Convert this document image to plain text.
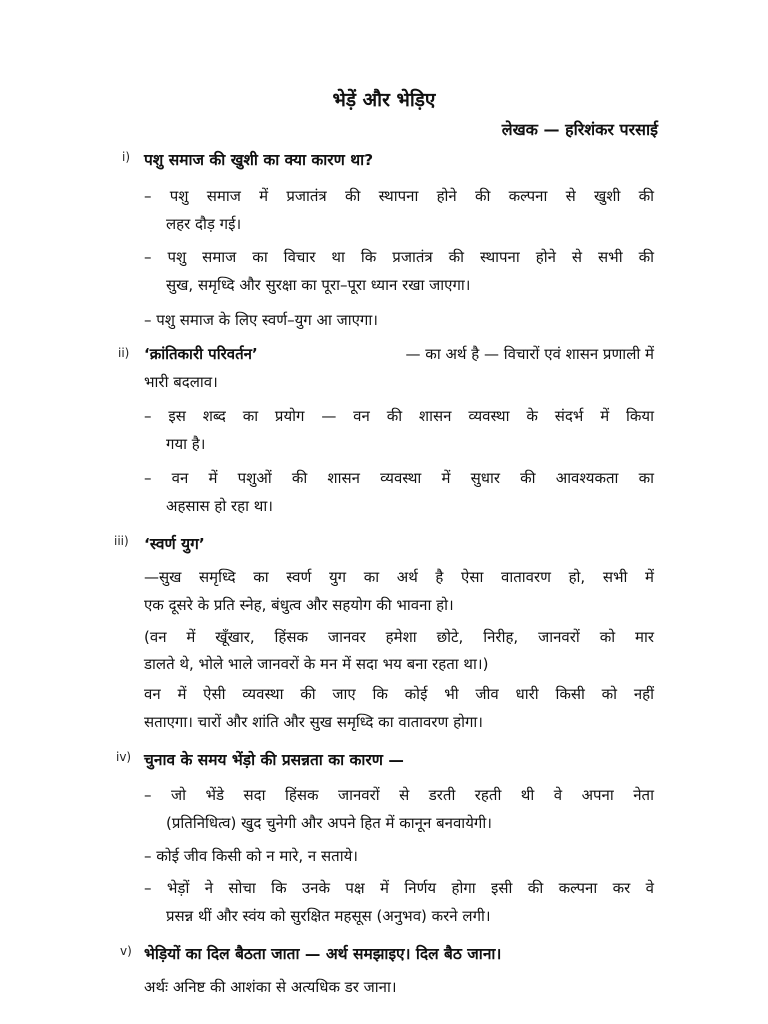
भेड़ें और भेड़िए
लेखक — हरिशंकर परसाई
i) पशु समाज की खुशी का क्या कारण था?
– पशु समाज में प्रजातंत्र की स्थापना होने की कल्पना से खुशी की
लहर दौड़ गई।
– पशु समाज का विचार था कि प्रजातंत्र की स्थापना होने से सभी की
सुख, समृध्दि और सुरक्षा का पूरा–पूरा ध्यान रखा जाएगा।
– पशु समाज के लिए स्वर्ण–युग आ जाएगा।
ii) ‘क्रांतिकारी परिवर्तन’	— का अर्थ है — विचारों एवं शासन प्रणाली में
भारी बदलाव।
– इस शब्द का प्रयोग — वन की शासन व्यवस्था के संदर्भ में किया
गया है।
– वन में पशुओं की शासन व्यवस्था में सुधार की आवश्यकता का
अहसास हो रहा था।
iii) ‘स्वर्ण युग’
—सुख समृध्दि का स्वर्ण युग का अर्थ है ऐसा वातावरण हो, सभी में
एक दूसरे के प्रति स्नेह, बंधुत्व और सहयोग की भावना हो।
(वन में खूँखार, हिंसक जानवर हमेशा छोटे, निरीह, जानवरों को मार
डालते थे, भोले भाले जानवरों के मन में सदा भय बना रहता था।)
वन में ऐसी व्यवस्था की जाए कि कोई भी जीव धारी किसी को नहीं
सताएगा। चारों और शांति और सुख समृध्दि का वातावरण होगा।
iv) चुनाव के समय भेंड़ो की प्रसन्नता का कारण —
– जो भेंडे सदा हिंसक जानवरों से डरती रहती थी वे अपना नेता
(प्रतिनिधित्व) खुद चुनेगी और अपने हित में कानून बनवायेगी।
– कोई जीव किसी को न मारे, न सताये।
– भेड़ों ने सोचा कि उनके पक्ष में निर्णय होगा इसी की कल्पना कर वे
प्रसन्न थीं और स्वंय को सुरक्षित महसूस (अनुभव) करने लगी।
v) भेड़ियों का दिल बैठता जाता — अर्थ समझाइए। दिल बैठ जाना।
अर्थः अनिष्ट की आशंका से अत्यधिक डर जाना।
